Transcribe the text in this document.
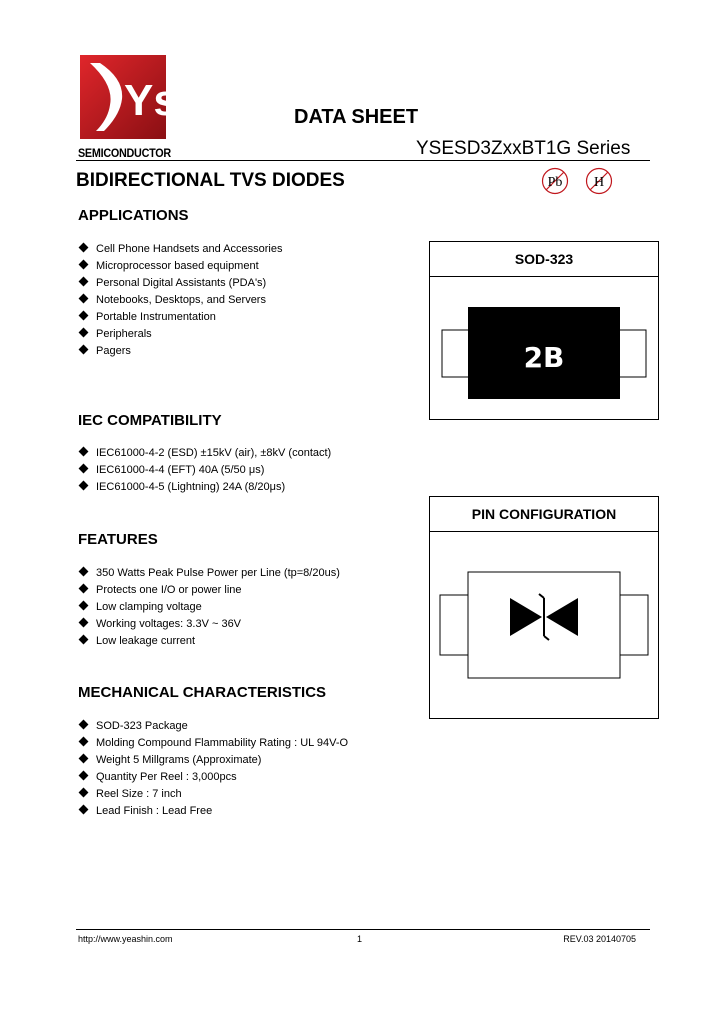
Ys
SEMICONDUCTOR
DATA SHEET
YSESD3ZxxBT1G Series
BIDIRECTIONAL TVS DIODES	Pb H
APPLICATIONS
Cell Phone Handsets and Accessories
Microprocessor based equipment
Personal Digital Assistants (PDA's)
Notebooks, Desktops, and Servers
Portable Instrumentation
Peripherals
Pagers
IEC COMPATIBILITY
IEC61000-4-2 (ESD) ±15kV (air), ±8kV (contact)
IEC61000-4-4 (EFT) 40A (5/50 μs)
IEC61000-4-5 (Lightning) 24A (8/20μs)
FEATURES
350 Watts Peak Pulse Power per Line (tp=8/20us)
Protects one I/O or power line
Low clamping voltage
Working voltages: 3.3V ~ 36V
Low leakage current
MECHANICAL CHARACTERISTICS
SOD-323 Package
Molding Compound Flammability Rating : UL 94V-O
Weight 5 Millgrams (Approximate)
Quantity Per Reel : 3,000pcs
Reel Size : 7 inch
Lead Finish : Lead Free
SOD-323
2B
PIN CONFIGURATION
http://www.yeashin.com	1	REV.03 20140705
